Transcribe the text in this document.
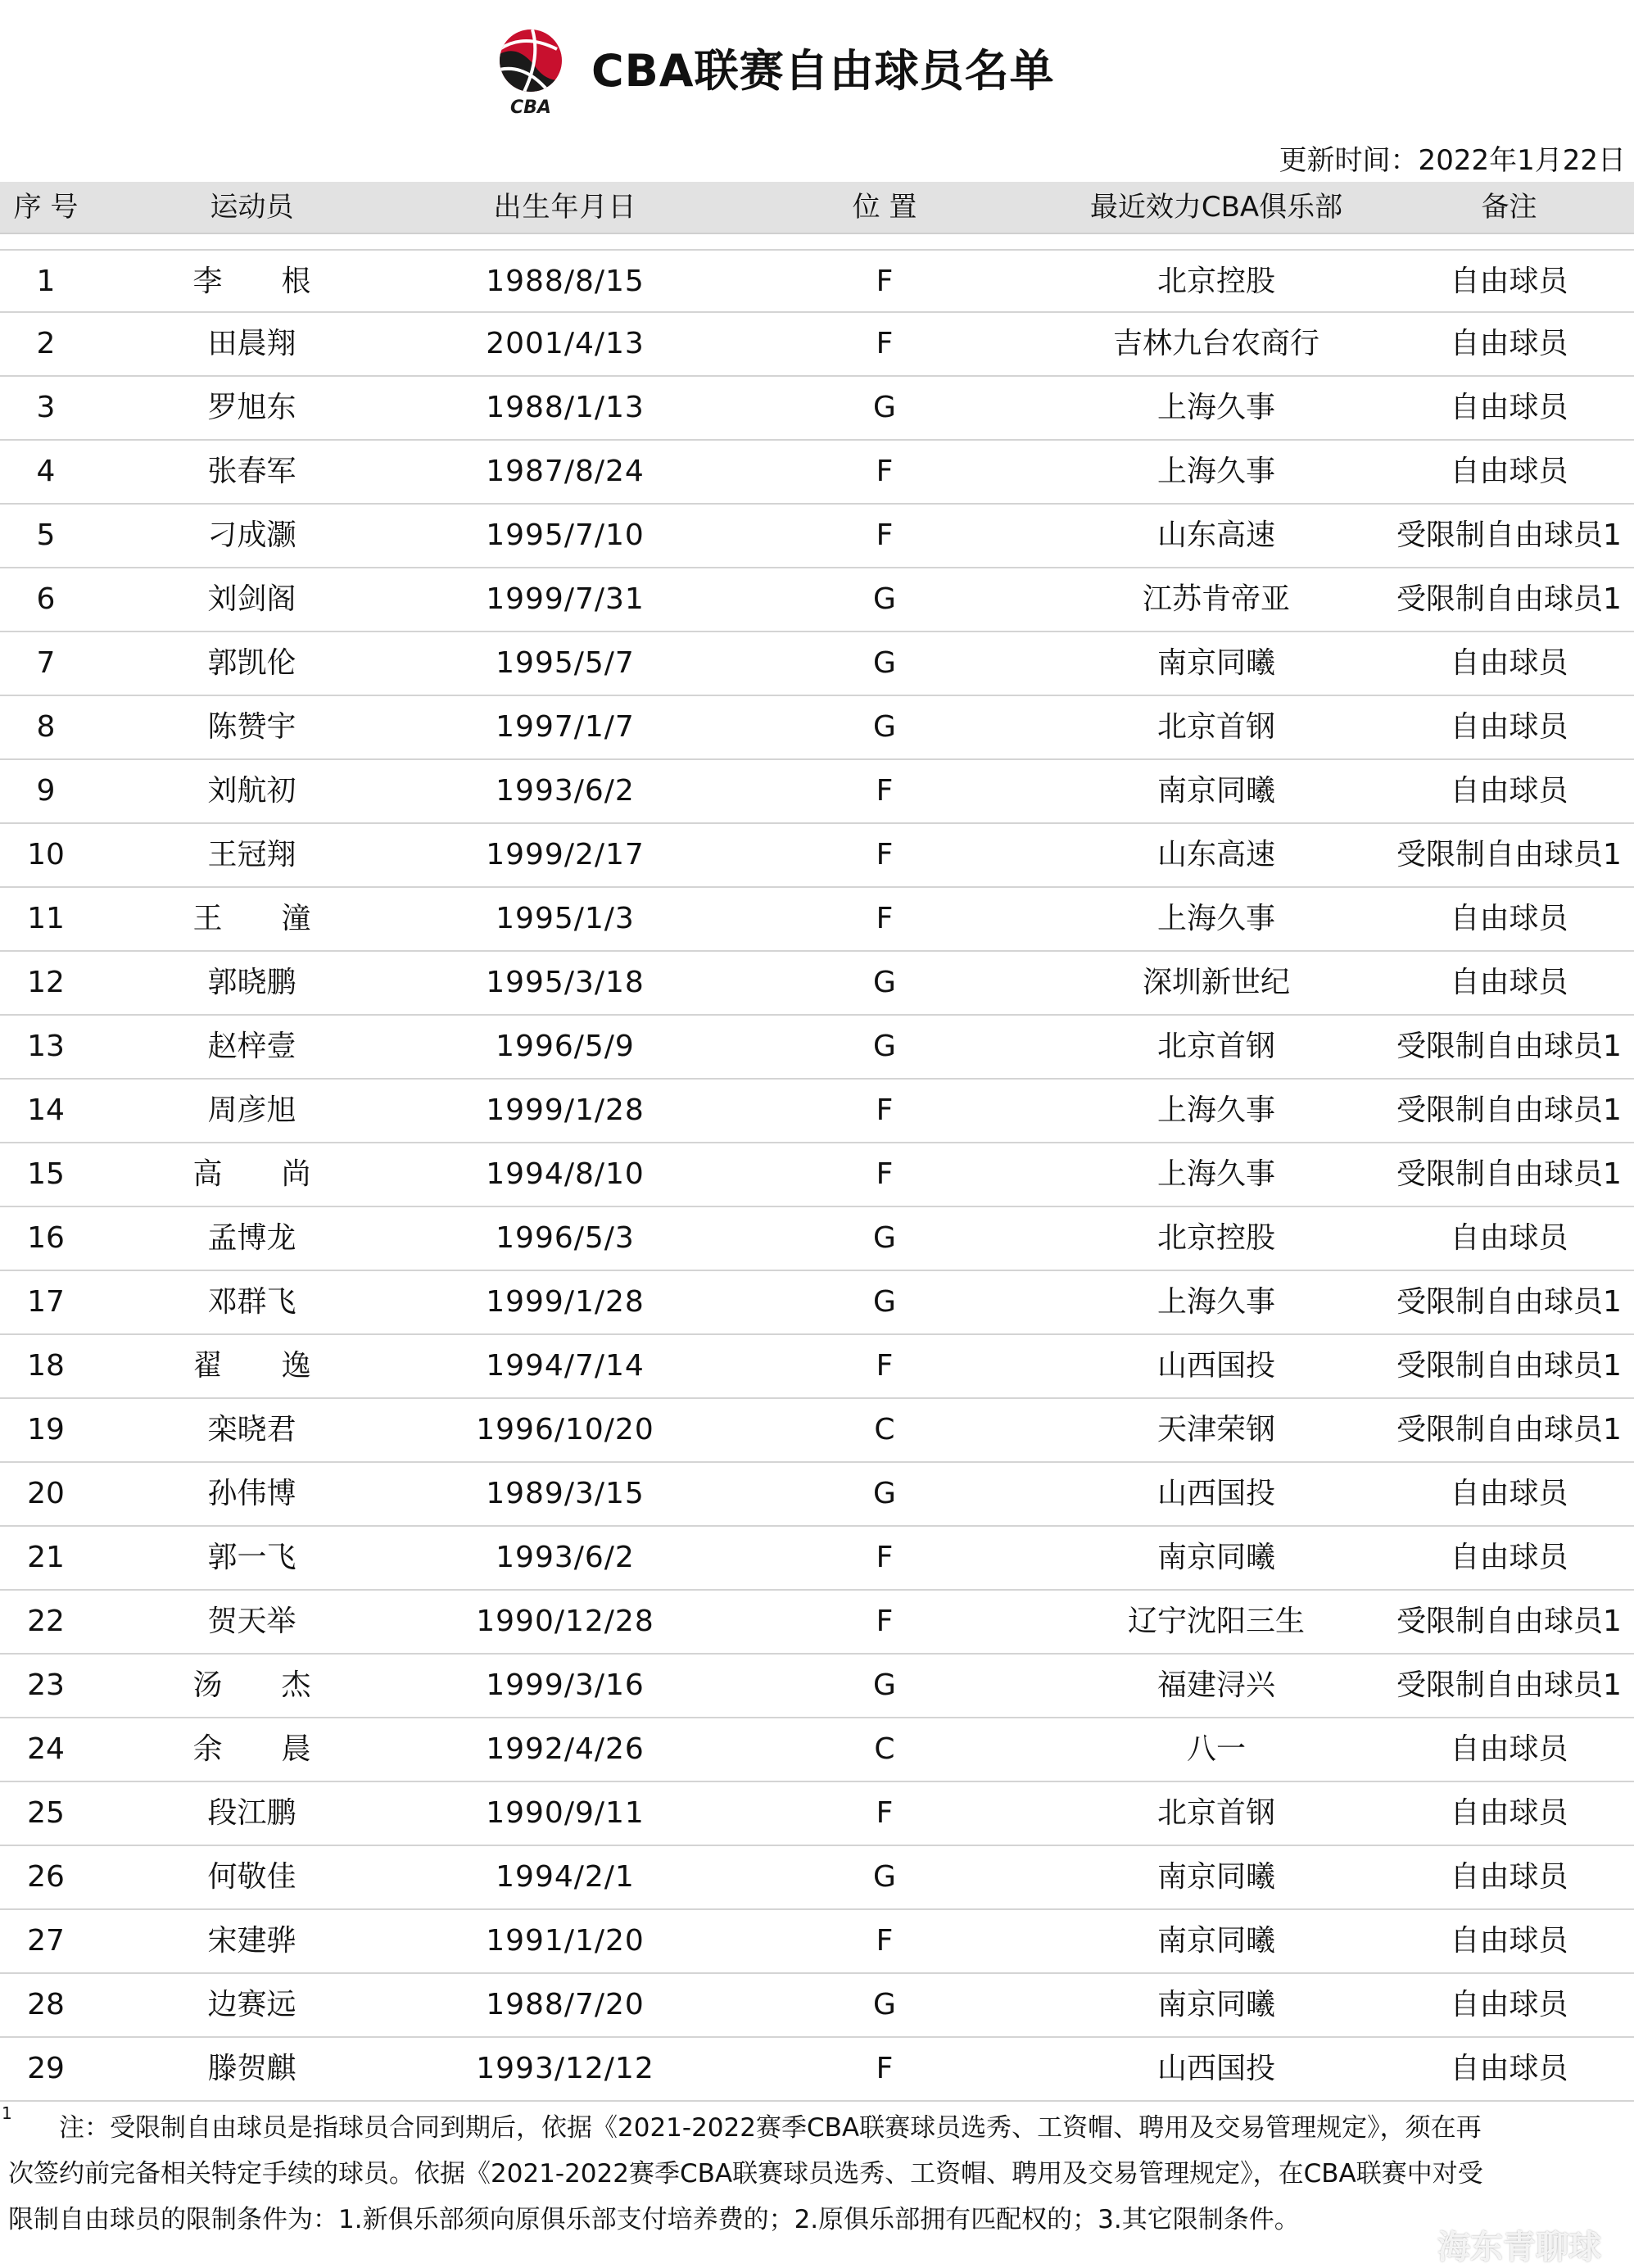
CBA
CBA联赛自由球员名单
更新时间：2022年1月22日
序 号	运动员	出生年月日	位 置	最近效力CBA俱乐部	备注
1	李　　根	1988/8/15	F	北京控股	自由球员
2	田晨翔	2001/4/13	F	吉林九台农商行	自由球员
3	罗旭东	1988/1/13	G	上海久事	自由球员
4	张春军	1987/8/24	F	上海久事	自由球员
5	刁成灏	1995/7/10	F	山东高速	受限制自由球员1
6	刘剑阁	1999/7/31	G	江苏肯帝亚	受限制自由球员1
7	郭凯伦	1995/5/7	G	南京同曦	自由球员
8	陈赞宇	1997/1/7	G	北京首钢	自由球员
9	刘航初	1993/6/2	F	南京同曦	自由球员
10	王冠翔	1999/2/17	F	山东高速	受限制自由球员1
11	王　　潼	1995/1/3	F	上海久事	自由球员
12	郭晓鹏	1995/3/18	G	深圳新世纪	自由球员
13	赵梓壹	1996/5/9	G	北京首钢	受限制自由球员1
14	周彦旭	1999/1/28	F	上海久事	受限制自由球员1
15	高　　尚	1994/8/10	F	上海久事	受限制自由球员1
16	孟博龙	1996/5/3	G	北京控股	自由球员
17	邓群飞	1999/1/28	G	上海久事	受限制自由球员1
18	翟　　逸	1994/7/14	F	山西国投	受限制自由球员1
19	栾晓君	1996/10/20	C	天津荣钢	受限制自由球员1
20	孙伟博	1989/3/15	G	山西国投	自由球员
21	郭一飞	1993/6/2	F	南京同曦	自由球员
22	贺天举	1990/12/28	F	辽宁沈阳三生	受限制自由球员1
23	汤　　杰	1999/3/16	G	福建浔兴	受限制自由球员1
24	余　　晨	1992/4/26	C	八一	自由球员
25	段江鹏	1990/9/11	F	北京首钢	自由球员
26	何敬佳	1994/2/1	G	南京同曦	自由球员
27	宋建骅	1991/1/20	F	南京同曦	自由球员
28	边赛远	1988/7/20	G	南京同曦	自由球员
29	滕贺麒	1993/12/12	F	山西国投	自由球员
1
　　注：受限制自由球员是指球员合同到期后，依据《2021-2022赛季CBA联赛球员选秀、工资帽、聘用及交易管理规定》，须在再
次签约前完备相关特定手续的球员。依据《2021-2022赛季CBA联赛球员选秀、工资帽、聘用及交易管理规定》，在CBA联赛中对受
限制自由球员的限制条件为：1.新俱乐部须向原俱乐部支付培养费的；2.原俱乐部拥有匹配权的；3.其它限制条件。
海东青聊球
